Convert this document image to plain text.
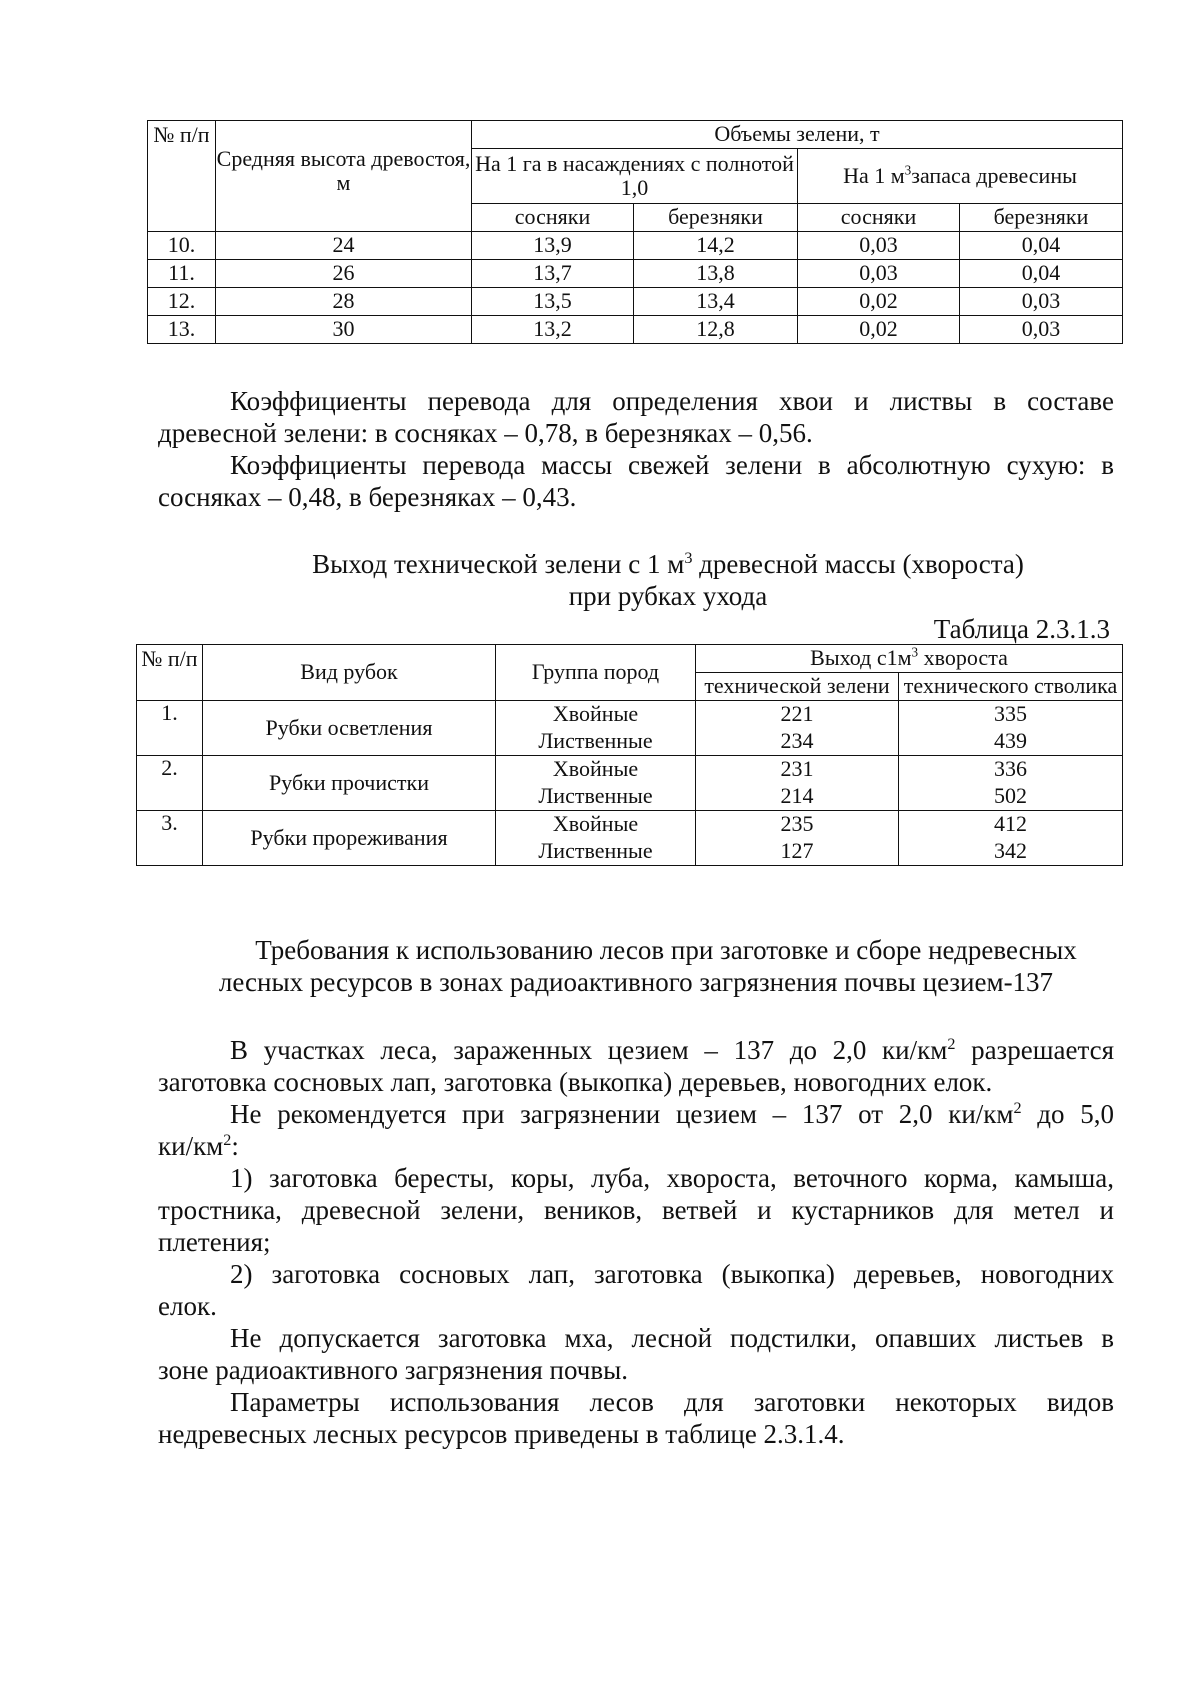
№ п/п	Средняя высота древостоя, м	Объемы зелени, т			
		На 1 га в насаждениях с полнотой 1,0		На 1 $м^3запаса$ древесины	
		сосняки	березняки	сосняки	березняки
10.	24	13,9	14,2	0,03	0,04
11.	26	13,7	13,8	0,03	0,04
12.	28	13,5	13,4	0,02	0,03
13.	30	13,2	12,8	0,02	0,03
Коэффициенты перевода для определения хвои и листвы в составе
древесной зелени: в сосняках – 0,78, в березняках – 0,56.
Коэффициенты перевода массы свежей зелени в абсолютную сухую: в
сосняках – 0,48, в березняках – 0,43.
Выход технической зелени с 1 $м^3$ древесной массы (хвороста)
при рубках ухода
Таблица 2.3.1.3
№ п/п	Вид рубок	Группа пород	Выход $с1м^3$ хвороста	
			технической зелени	технического стволика

1.	Рубки осветления	Хвойные	221	335
		Лиственные	234	439
2.	Рубки прочистки	Хвойные	231	336
		Лиственные	214	502
3.	Рубки прореживания	Хвойные	235	412
		Лиственные	127	342
Требования к использованию лесов при заготовке и сборе недревесных
лесных ресурсов в зонах радиоактивного загрязнения почвы цезием-137
В участках леса, зараженных цезием – 137 до 2,0 $ки/км^2$ разрешается
заготовка сосновых лап, заготовка (выкопка) деревьев, новогодних елок.
Не рекомендуется при загрязнении цезием – 137 от 2,0 $ки/км^2$ до 5,0
$ки/км^2$:
1) заготовка бересты, коры, луба, хвороста, веточного корма, камыша,
тростника, древесной зелени, веников, ветвей и кустарников для метел и
плетения;
2) заготовка сосновых лап, заготовка (выкопка) деревьев, новогодних
елок.
Не допускается заготовка мха, лесной подстилки, опавших листьев в
зоне радиоактивного загрязнения почвы.
Параметры использования лесов для заготовки некоторых видов
недревесных лесных ресурсов приведены в таблице 2.3.1.4.
